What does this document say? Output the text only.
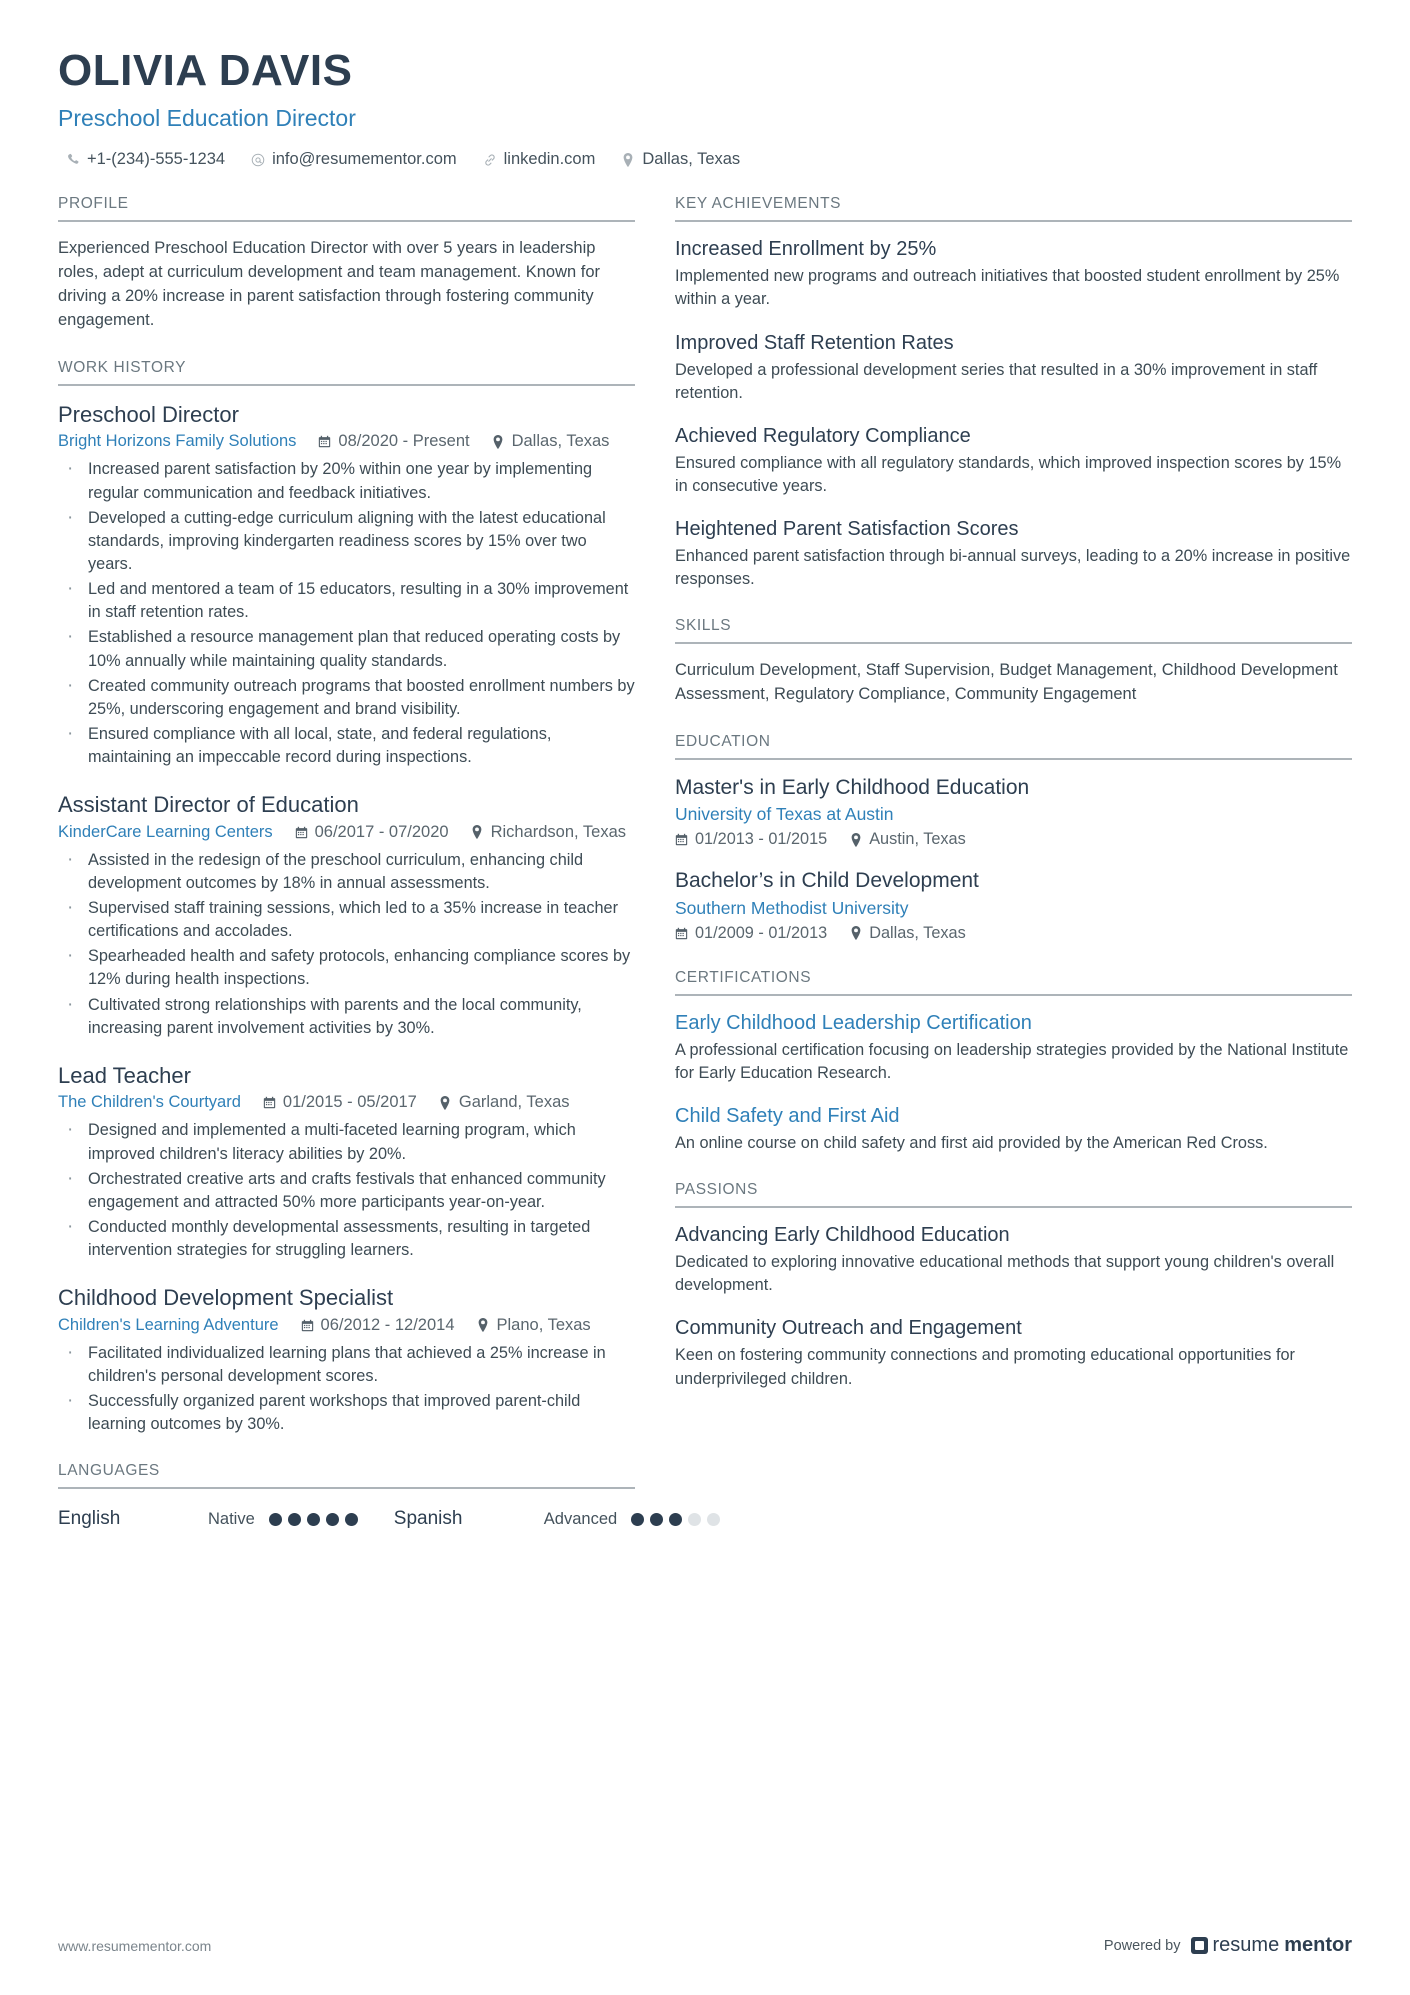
OLIVIA DAVIS
Preschool Education Director
+1-(234)-555-1234	info@resumementor.com	linkedin.com	Dallas, Texas
PROFILE
Experienced Preschool Education Director with over 5 years in leadership roles, adept at curriculum development and team management. Known for driving a 20% increase in parent satisfaction through fostering community engagement.
WORK HISTORY
Preschool Director
Bright Horizons Family Solutions	08/2020 - Present	Dallas, Texas
· Increased parent satisfaction by 20% within one year by implementing regular communication and feedback initiatives.
· Developed a cutting-edge curriculum aligning with the latest educational standards, improving kindergarten readiness scores by 15% over two years.
· Led and mentored a team of 15 educators, resulting in a 30% improvement in staff retention rates.
· Established a resource management plan that reduced operating costs by 10% annually while maintaining quality standards.
· Created community outreach programs that boosted enrollment numbers by 25%, underscoring engagement and brand visibility.
· Ensured compliance with all local, state, and federal regulations, maintaining an impeccable record during inspections.
Assistant Director of Education
KinderCare Learning Centers	06/2017 - 07/2020	Richardson, Texas
· Assisted in the redesign of the preschool curriculum, enhancing child development outcomes by 18% in annual assessments.
· Supervised staff training sessions, which led to a 35% increase in teacher certifications and accolades.
· Spearheaded health and safety protocols, enhancing compliance scores by 12% during health inspections.
· Cultivated strong relationships with parents and the local community, increasing parent involvement activities by 30%.
Lead Teacher
The Children's Courtyard	01/2015 - 05/2017	Garland, Texas
· Designed and implemented a multi-faceted learning program, which improved children's literacy abilities by 20%.
· Orchestrated creative arts and crafts festivals that enhanced community engagement and attracted 50% more participants year-on-year.
· Conducted monthly developmental assessments, resulting in targeted intervention strategies for struggling learners.
Childhood Development Specialist
Children's Learning Adventure	06/2012 - 12/2014	Plano, Texas
· Facilitated individualized learning plans that achieved a 25% increase in children's personal development scores.
· Successfully organized parent workshops that improved parent-child learning outcomes by 30%.
LANGUAGES
English	Native	Spanish	Advanced
KEY ACHIEVEMENTS
Increased Enrollment by 25%
Implemented new programs and outreach initiatives that boosted student enrollment by 25% within a year.
Improved Staff Retention Rates
Developed a professional development series that resulted in a 30% improvement in staff retention.
Achieved Regulatory Compliance
Ensured compliance with all regulatory standards, which improved inspection scores by 15% in consecutive years.
Heightened Parent Satisfaction Scores
Enhanced parent satisfaction through bi-annual surveys, leading to a 20% increase in positive responses.
SKILLS
Curriculum Development, Staff Supervision, Budget Management, Childhood Development Assessment, Regulatory Compliance, Community Engagement
EDUCATION
Master's in Early Childhood Education
University of Texas at Austin
01/2013 - 01/2015	Austin, Texas
Bachelor’s in Child Development
Southern Methodist University
01/2009 - 01/2013	Dallas, Texas
CERTIFICATIONS
Early Childhood Leadership Certification
A professional certification focusing on leadership strategies provided by the National Institute for Early Education Research.
Child Safety and First Aid
An online course on child safety and first aid provided by the American Red Cross.
PASSIONS
Advancing Early Childhood Education
Dedicated to exploring innovative educational methods that support young children's overall development.
Community Outreach and Engagement
Keen on fostering community connections and promoting educational opportunities for underprivileged children.
www.resumementor.com	Powered by resume mentor
